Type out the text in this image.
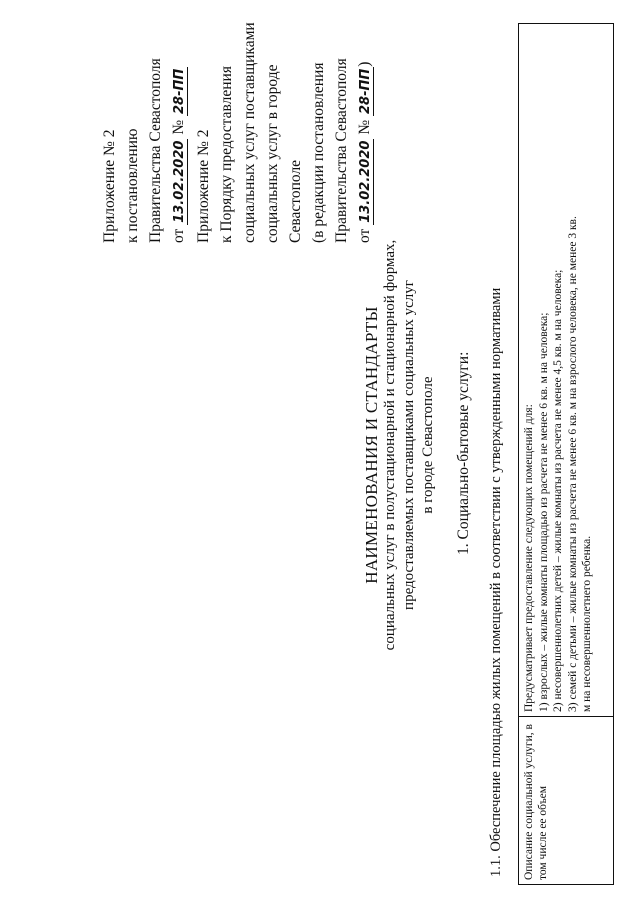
Приложение № 2 к постановлению Правительства Севастополя от 13.02.2020 № 28-ПП
Приложение № 2 к Порядку предоставления социальных услуг поставщиками социальных услуг в городе Севастополе (в редакции постановления Правительства Севастополя от 13.02.2020 № 28-ПП)
НАИМЕНОВАНИЯ И СТАНДАРТЫ социальных услуг в полустационарной и стационарной формах, предоставляемых поставщиками социальных услуг в городе Севастополе 1. Социально-бытовые услуги: 1.1. Обеспечение площадью жилых помещений в соответствии с утвержденными нормативами	Описание социальной услуги, в том числе ее объем
Предусматривает предоставление следующих помещений для: 1) взрослых – жилые комнаты площадью из расчета не менее 6 кв. м на человека; 2) несовершеннолетних детей – жилые комнаты из расчета не менее 4,5 кв. м на человека; 3) семей с детьми – жилые комнаты из расчета не менее 6 кв. м на взрослого человека, не менее 3 кв. м на несовершеннолетнего ребенка.
